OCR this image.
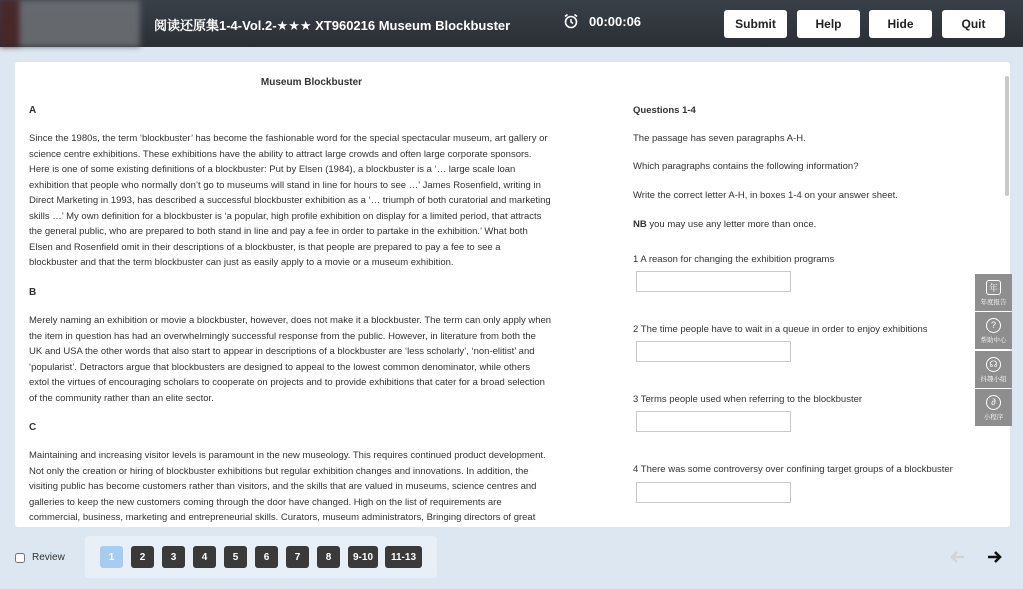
阅读还原集1-4-Vol.2-★★★ XT960216 Museum Blockbuster	00:00:06	Submit	Help	Hide	Quit
Museum Blockbuster
A
Since the 1980s, the term ‘blockbuster’ has become the fashionable word for the special spectacular museum, art gallery or
science centre exhibitions. These exhibitions have the ability to attract large crowds and often large corporate sponsors.
Here is one of some existing definitions of a blockbuster: Put by Elsen (1984), a blockbuster is a ‘… large scale loan
exhibition that people who normally don’t go to museums will stand in line for hours to see …’ James Rosenfield, writing in
Direct Marketing in 1993, has described a successful blockbuster exhibition as a ‘… triumph of both curatorial and marketing
skills …’ My own definition for a blockbuster is ‘a popular, high profile exhibition on display for a limited period, that attracts
the general public, who are prepared to both stand in line and pay a fee in order to partake in the exhibition.’ What both
Elsen and Rosenfield omit in their descriptions of a blockbuster, is that people are prepared to pay a fee to see a
blockbuster and that the term blockbuster can just as easily apply to a movie or a museum exhibition.
B
Merely naming an exhibition or movie a blockbuster, however, does not make it a blockbuster. The term can only apply when
the item in question has had an overwhelmingly successful response from the public. However, in literature from both the
UK and USA the other words that also start to appear in descriptions of a blockbuster are ‘less scholarly’, ‘non-elitist’ and
‘popularist’. Detractors argue that blockbusters are designed to appeal to the lowest common denominator, while others
extol the virtues of encouraging scholars to cooperate on projects and to provide exhibitions that cater for a broad selection
of the community rather than an elite sector.
C
Maintaining and increasing visitor levels is paramount in the new museology. This requires continued product development.
Not only the creation or hiring of blockbuster exhibitions but regular exhibition changes and innovations. In addition, the
visiting public has become customers rather than visitors, and the skills that are valued in museums, science centres and
galleries to keep the new customers coming through the door have changed. High on the list of requirements are
commercial, business, marketing and entrepreneurial skills. Curators, museum administrators, Bringing directors of great
Questions 1-4
The passage has seven paragraphs A-H.
Which paragraphs contains the following information?
Write the correct letter A-H, in boxes 1-4 on your answer sheet.
NB you may use any letter more than once.
1 A reason for changing the exhibition programs
2 The time people have to wait in a queue in order to enjoy exhibitions
3 Terms people used when referring to the blockbuster
4 There was some controversy over confining target groups of a blockbuster
年
年度报告
?
帮助中心
☊
抖趣小组
∂
小程序
Review	1	2	3	4	5	6	7	8	9-10	11-13
